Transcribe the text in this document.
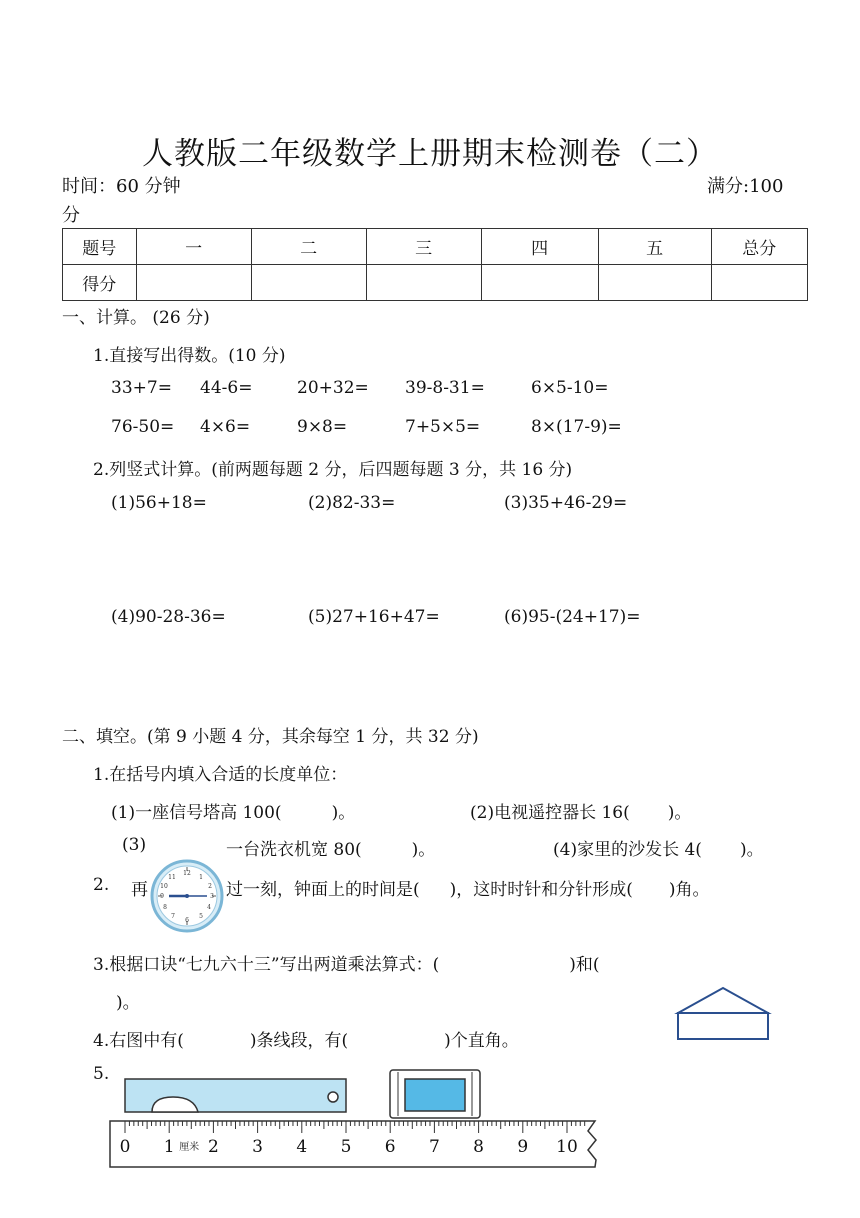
人教版二年级数学上册期末检测卷（二）
时间：60 分钟	满分:100
分
题号	一	二	三	四	五	总分
得分						
一、计算。 (26 分)
1.直接写出得数。(10 分)
33+7= 44-6=	20+32= 39-8-31=	6×5-10=
76-50= 4×6=	9×8=	7+5×5=	8×(17-9)=
2.列竖式计算。(前两题每题 2 分，后四题每题 3 分，共 16 分)
(1)56+18=	(2)82-33=	(3)35+46-29=
(4)90-28-36=	(5)27+16+47=	(6)95-(24+17)=
二、填空。(第 9 小题 4 分，其余每空 1 分，共 32 分)
1.在括号内填入合适的长度单位：
(1)一座信号塔高 100(	)。	(2)电视遥控器长 16( )。
(3)	一台洗衣机宽 80(	)。	(4)家里的沙发长 4( )。
2. 再
12
1
2
3
4
5
6
7
8
9
10
11
过一刻，钟面上的时间是( )，这时时针和分针形成( )角。
3.根据口诀“七九六十三”写出两道乘法算式：(	)和(
)。
4.右图中有(	)条线段，有(	)个直角。
5.
0 1 2 3 4 5 6 7 8 9 10
厘米
